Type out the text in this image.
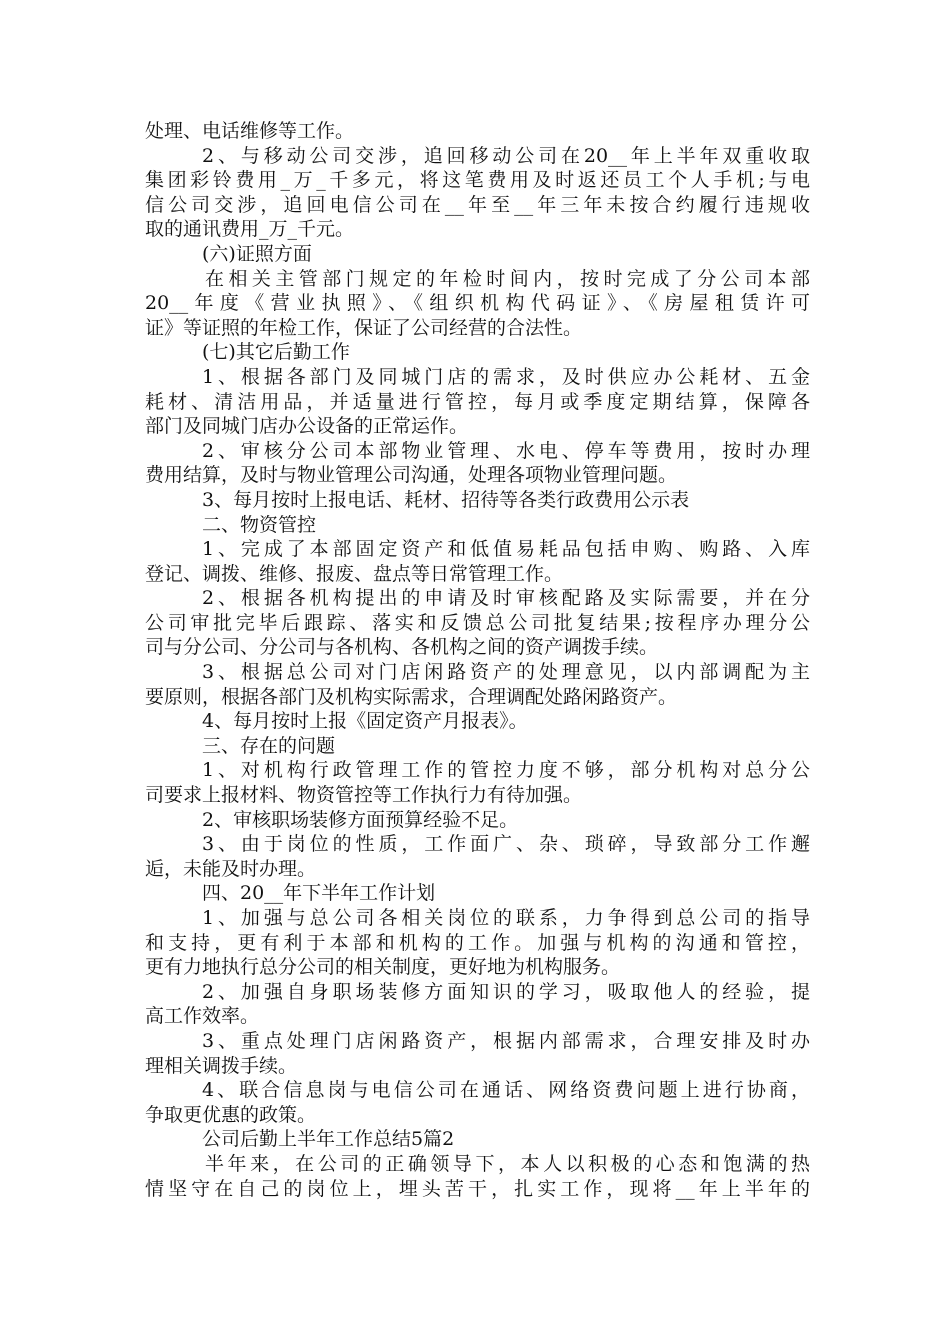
处理、电话维修等工作。
2、与移动公司交涉，追回移动公司在20__年上半年双重收取
集团彩铃费用_万_千多元，将这笔费用及时返还员工个人手机;与电
信公司交涉，追回电信公司在__年至__年三年未按合约履行违规收
取的通讯费用_万_千元。
(六)证照方面
在相关主管部门规定的年检时间内，按时完成了分公司本部
20__年度《营业执照》、《组织机构代码证》、《房屋租赁许可
证》等证照的年检工作，保证了公司经营的合法性。
(七)其它后勤工作
1、根据各部门及同城门店的需求，及时供应办公耗材、五金
耗材、清洁用品，并适量进行管控，每月或季度定期结算，保障各
部门及同城门店办公设备的正常运作。
2、审核分公司本部物业管理、水电、停车等费用，按时办理
费用结算，及时与物业管理公司沟通，处理各项物业管理问题。
3、每月按时上报电话、耗材、招待等各类行政费用公示表
二、物资管控
1、完成了本部固定资产和低值易耗品包括申购、购路、入库
登记、调拨、维修、报废、盘点等日常管理工作。
2、根据各机构提出的申请及时审核配路及实际需要，并在分
公司审批完毕后跟踪、落实和反馈总公司批复结果;按程序办理分公
司与分公司、分公司与各机构、各机构之间的资产调拨手续。
3、根据总公司对门店闲路资产的处理意见，以内部调配为主
要原则，根据各部门及机构实际需求，合理调配处路闲路资产。
4、每月按时上报《固定资产月报表》。
三、存在的问题
1、对机构行政管理工作的管控力度不够，部分机构对总分公
司要求上报材料、物资管控等工作执行力有待加强。
2、审核职场装修方面预算经验不足。
3、由于岗位的性质，工作面广、杂、琐碎，导致部分工作邂
逅，未能及时办理。
四、20__年下半年工作计划
1、加强与总公司各相关岗位的联系，力争得到总公司的指导
和支持，更有利于本部和机构的工作。加强与机构的沟通和管控，
更有力地执行总分公司的相关制度，更好地为机构服务。
2、加强自身职场装修方面知识的学习，吸取他人的经验，提
高工作效率。
3、重点处理门店闲路资产，根据内部需求，合理安排及时办
理相关调拨手续。
4、联合信息岗与电信公司在通话、网络资费问题上进行协商，
争取更优惠的政策。
公司后勤上半年工作总结5篇2
半年来，在公司的正确领导下，本人以积极的心态和饱满的热
情坚守在自己的岗位上，埋头苦干，扎实工作，现将__年上半年的
